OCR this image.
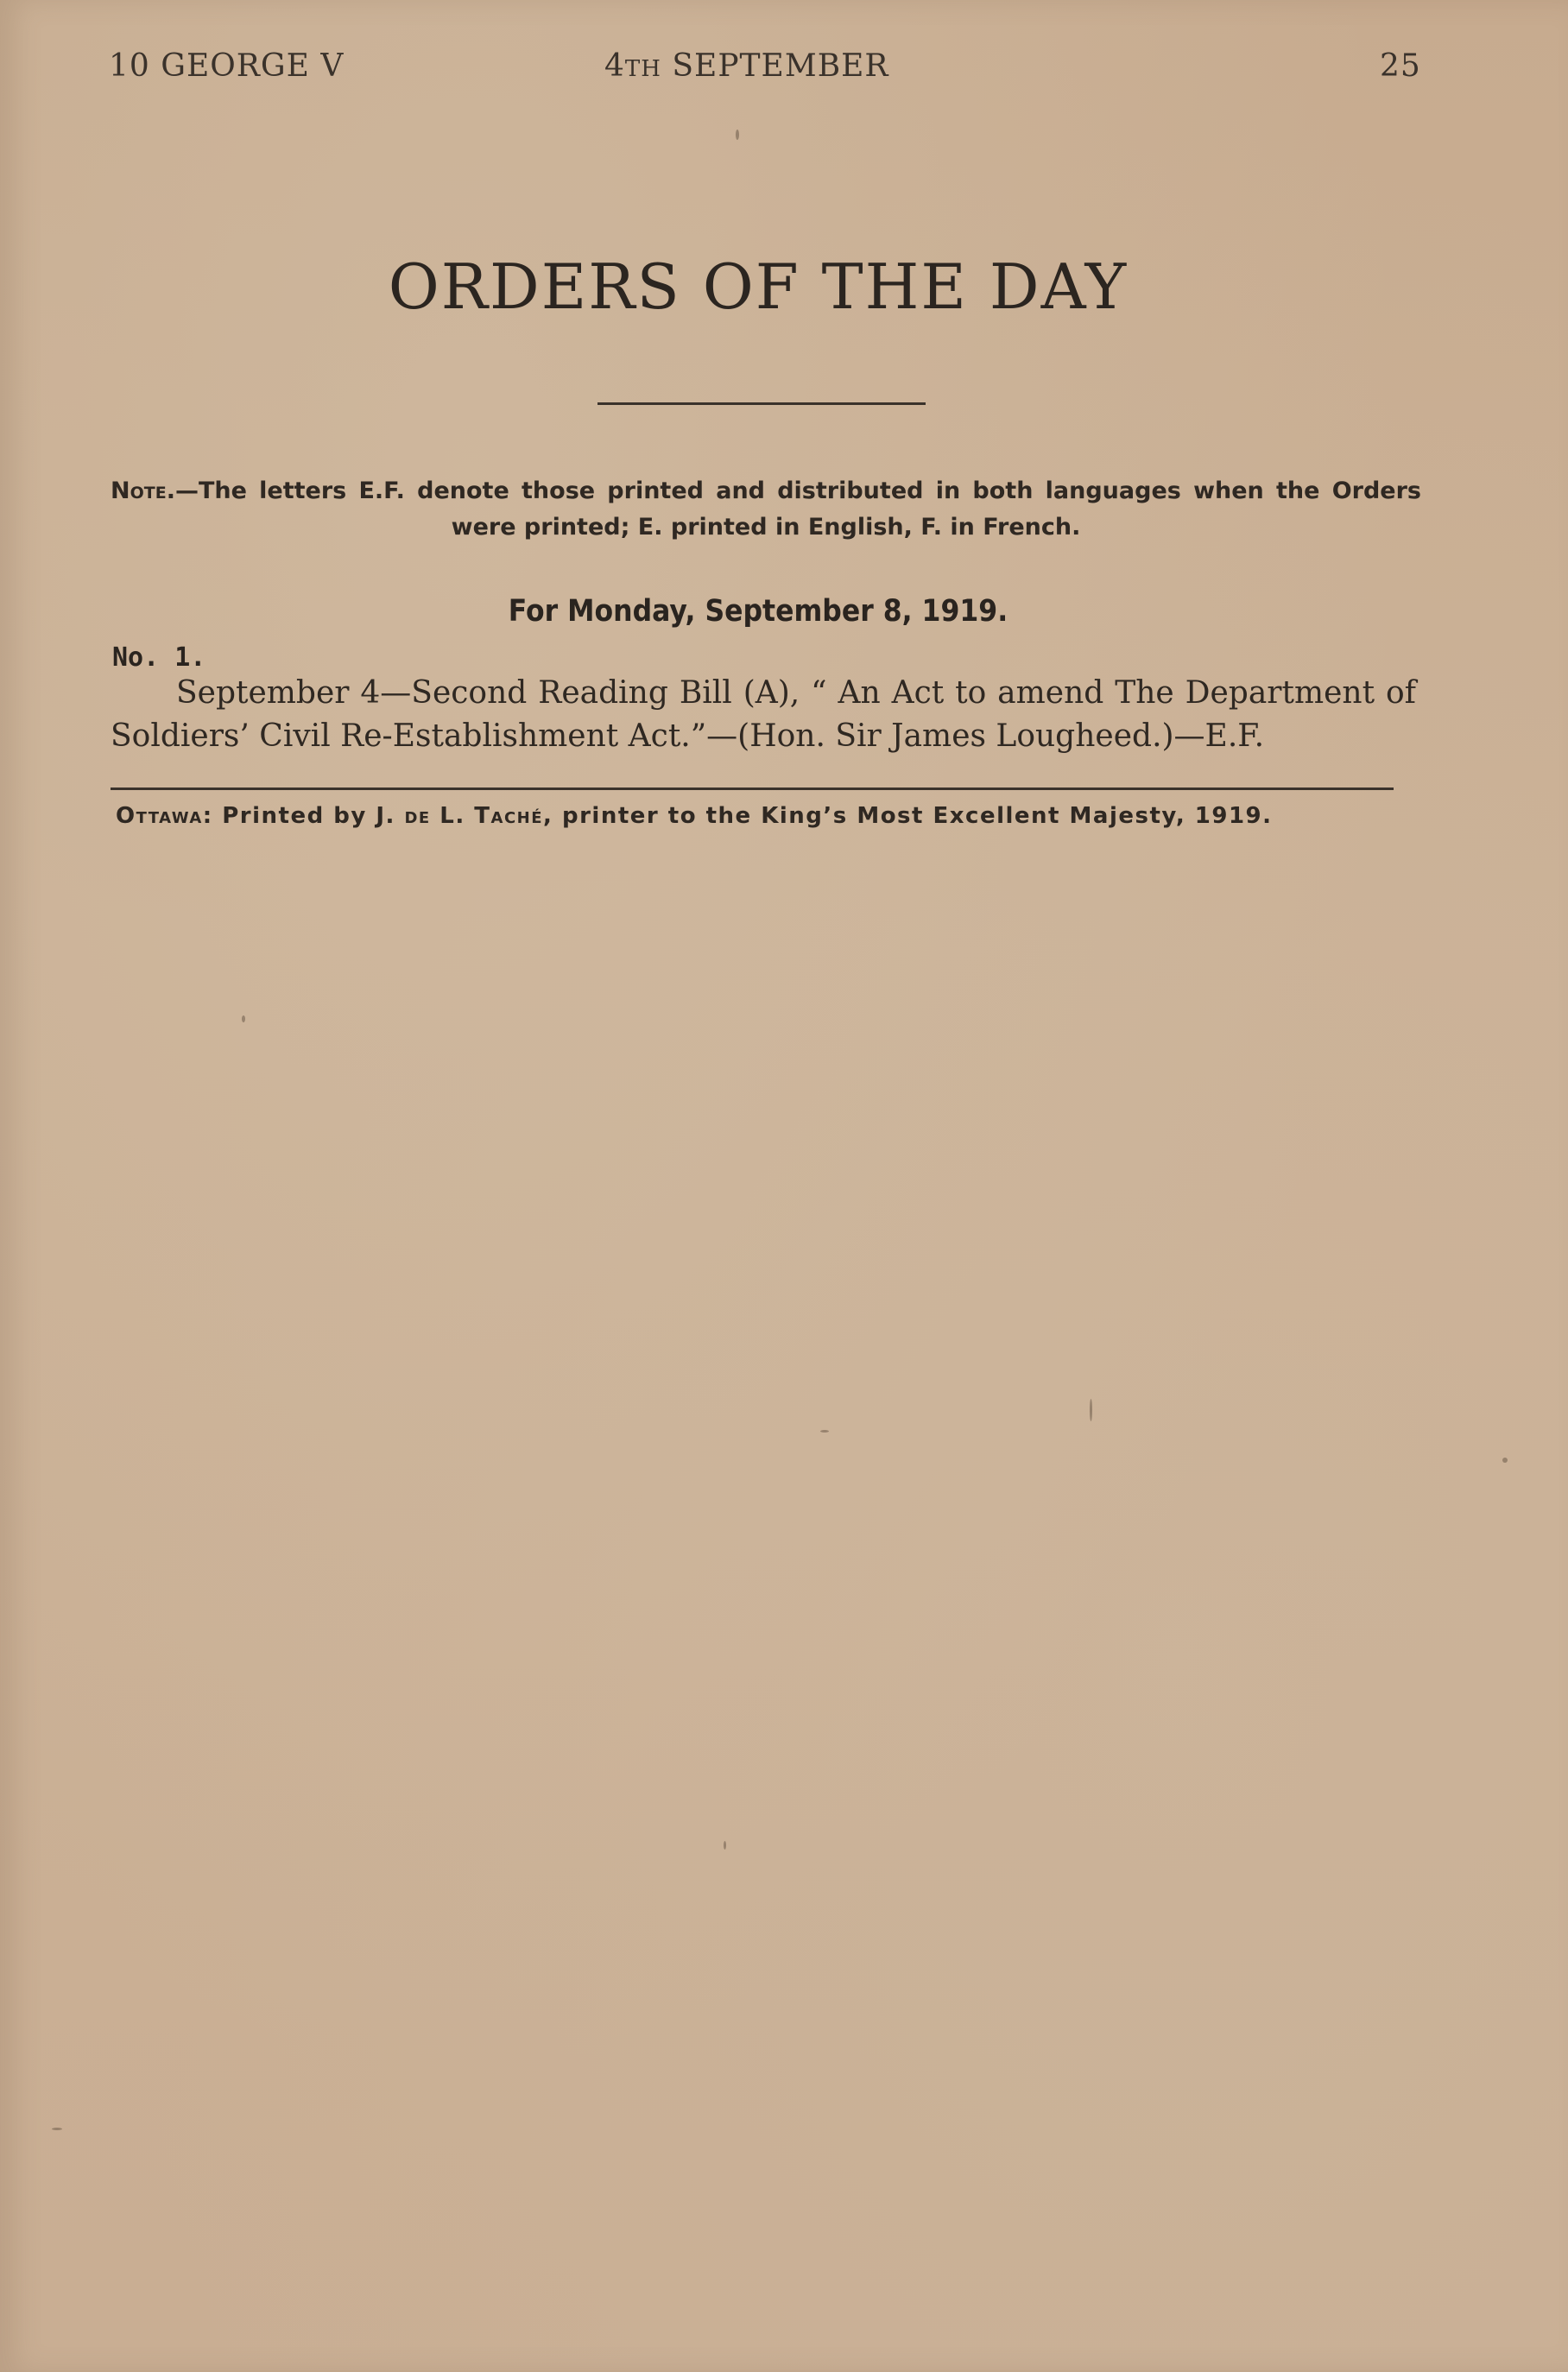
10 GEORGE V	4TH SEPTEMBER	25
ORDERS OF THE DAY
Note.—The letters E.F. denote those printed and distributed in both languages when the Orders were printed; E. printed in English, F. in French.
For Monday, September 8, 1919.
No. 1.
September 4—Second Reading Bill (A), “ An Act to amend The Department of Soldiers’ Civil Re-Establishment Act.”—(Hon. Sir James Lougheed.)—E.F.
Ottawa: Printed by J. de L. Taché, printer to the King’s Most Excellent Majesty, 1919.
